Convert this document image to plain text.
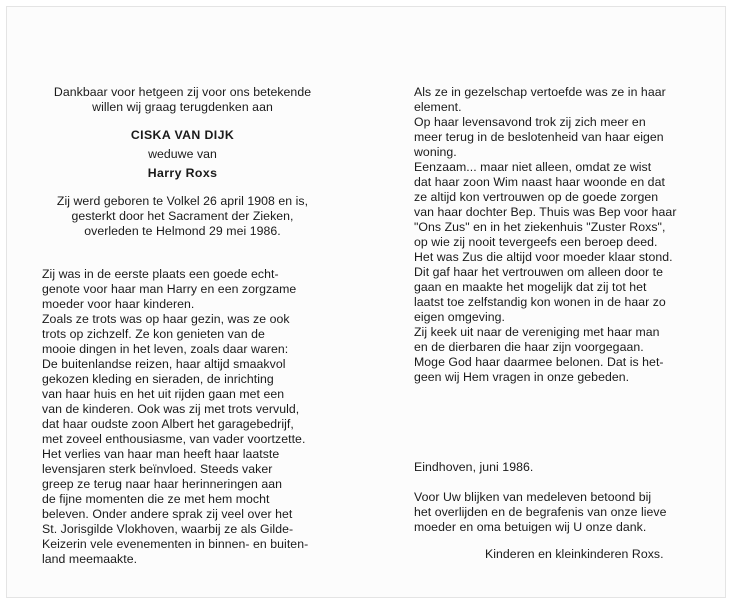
Dankbaar voor hetgeen zij voor ons betekende
willen wij graag terugdenken aan
CISKA VAN DIJK
weduwe van
Harry Roxs
Zij werd geboren te Volkel 26 april 1908 en is,
gesterkt door het Sacrament der Zieken,
overleden te Helmond 29 mei 1986.
Zij was in de eerste plaats een goede echt-
genote voor haar man Harry en een zorgzame
moeder voor haar kinderen.
Zoals ze trots was op haar gezin, was ze ook
trots op zichzelf. Ze kon genieten van de
mooie dingen in het leven, zoals daar waren:
De buitenlandse reizen, haar altijd smaakvol
gekozen kleding en sieraden, de inrichting
van haar huis en het uit rijden gaan met een
van de kinderen. Ook was zij met trots vervuld,
dat haar oudste zoon Albert het garagebedrijf,
met zoveel enthousiasme, van vader voortzette.
Het verlies van haar man heeft haar laatste
levensjaren sterk beïnvloed. Steeds vaker
greep ze terug naar haar herinneringen aan
de fijne momenten die ze met hem mocht
beleven. Onder andere sprak zij veel over het
St. Jorisgilde Vlokhoven, waarbij ze als Gilde-
Keizerin vele evenementen in binnen- en buiten-
land meemaakte.
Als ze in gezelschap vertoefde was ze in haar
element.
Op haar levensavond trok zij zich meer en
meer terug in de beslotenheid van haar eigen
woning.
Eenzaam... maar niet alleen, omdat ze wist
dat haar zoon Wim naast haar woonde en dat
ze altijd kon vertrouwen op de goede zorgen
van haar dochter Bep. Thuis was Bep voor haar
"Ons Zus" en in het ziekenhuis "Zuster Roxs",
op wie zij nooit tevergeefs een beroep deed.
Het was Zus die altijd voor moeder klaar stond.
Dit gaf haar het vertrouwen om alleen door te
gaan en maakte het mogelijk dat zij tot het
laatst toe zelfstandig kon wonen in de haar zo
eigen omgeving.
Zij keek uit naar de vereniging met haar man
en de dierbaren die haar zijn voorgegaan.
Moge God haar daarmee belonen. Dat is het-
geen wij Hem vragen in onze gebeden.
Eindhoven, juni 1986.
Voor Uw blijken van medeleven betoond bij
het overlijden en de begrafenis van onze lieve
moeder en oma betuigen wij U onze dank.
Kinderen en kleinkinderen Roxs.
